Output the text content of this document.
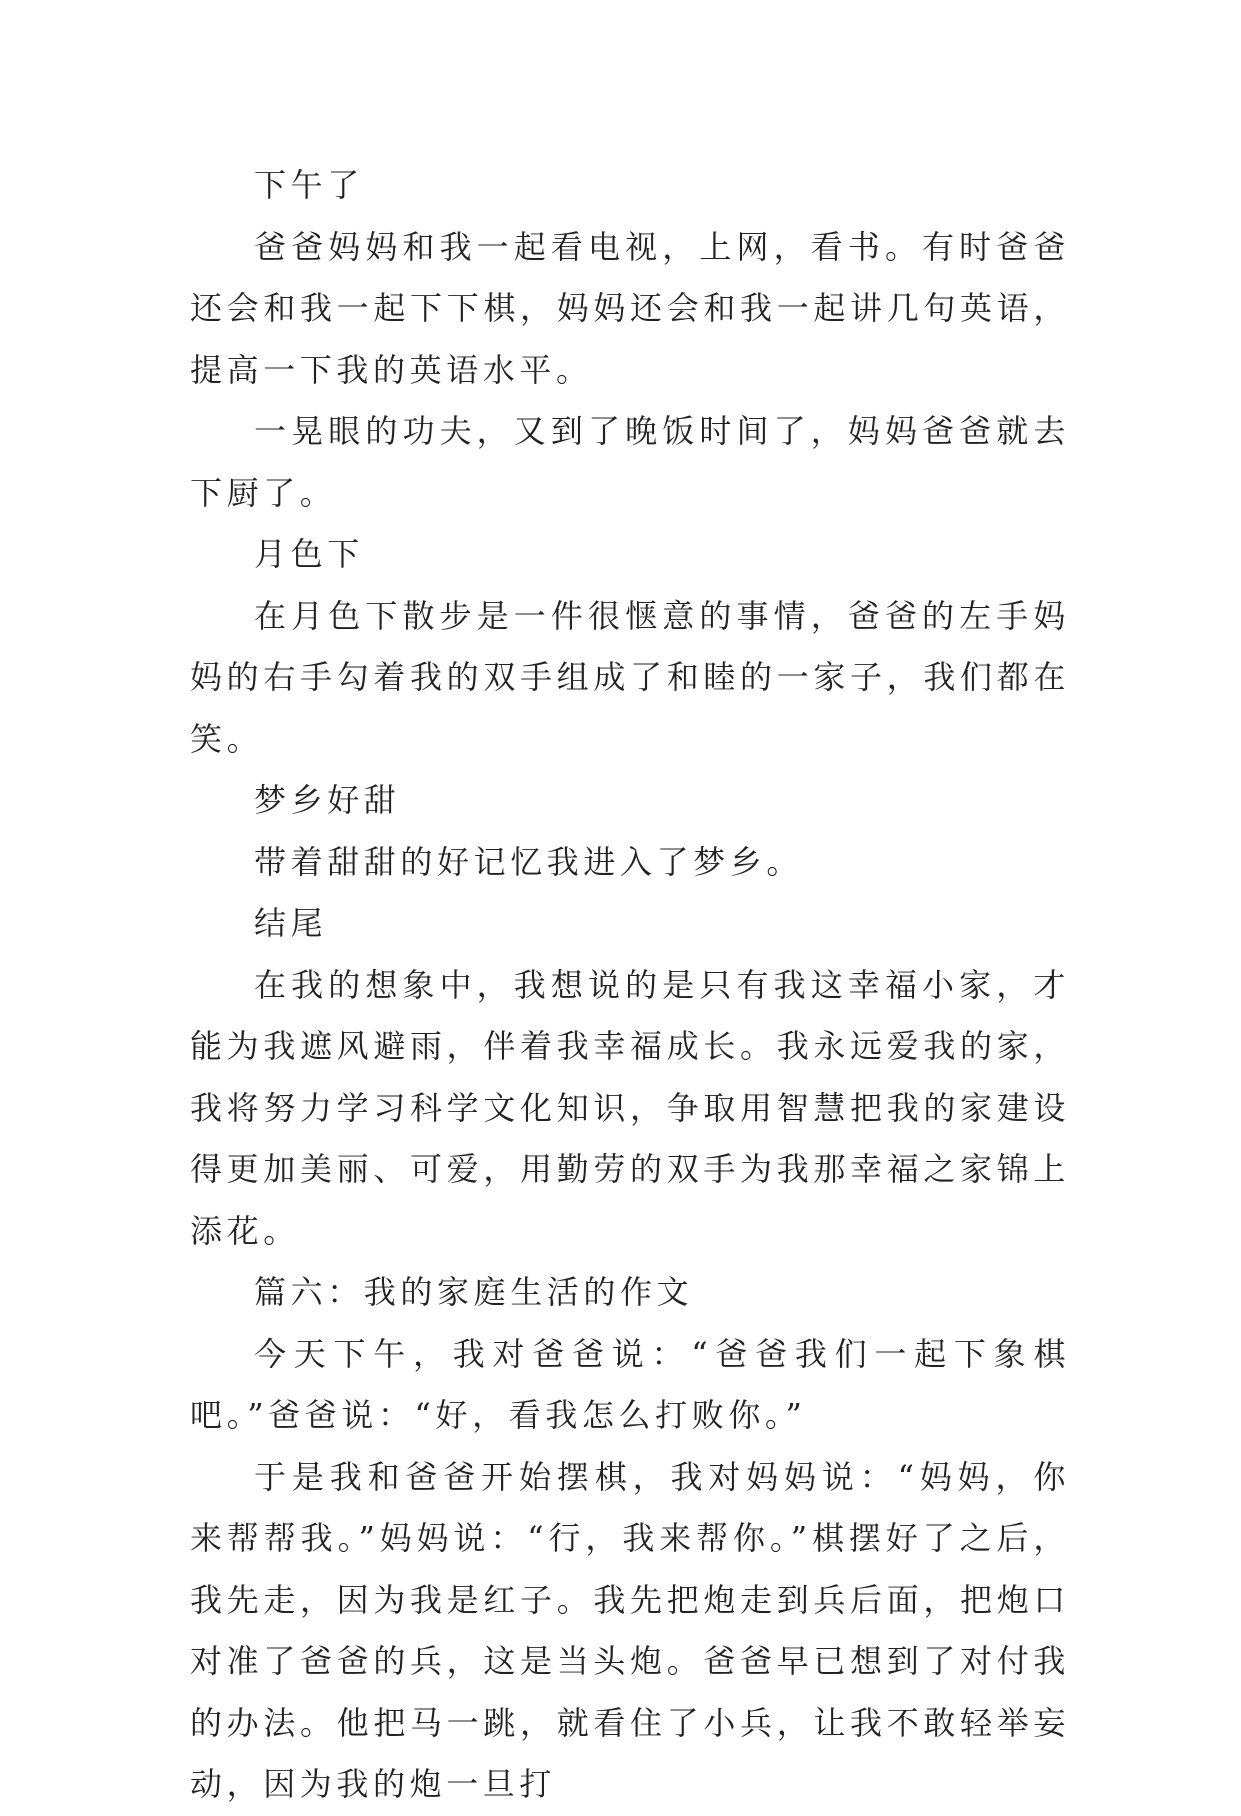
下午了

爸爸妈妈和我一起看电视，上网，看书。有时爸爸还会和我一起下下棋，妈妈还会和我一起讲几句英语，提高一下我的英语水平。

一晃眼的功夫，又到了晚饭时间了，妈妈爸爸就去下厨了。

月色下

在月色下散步是一件很惬意的事情，爸爸的左手妈妈的右手勾着我的双手组成了和睦的一家子，我们都在笑。

梦乡好甜

带着甜甜的好记忆我进入了梦乡。

结尾

在我的想象中，我想说的是只有我这幸福小家，才能为我遮风避雨，伴着我幸福成长。我永远爱我的家，我将努力学习科学文化知识，争取用智慧把我的家建设得更加美丽、可爱，用勤劳的双手为我那幸福之家锦上添花。

篇六：我的家庭生活的作文

今天下午，我对爸爸说：“爸爸我们一起下象棋吧。”爸爸说：“好，看我怎么打败你。”

于是我和爸爸开始摆棋，我对妈妈说：“妈妈，你来帮帮我。”妈妈说：“行，我来帮你。”棋摆好了之后，我先走，因为我是红子。我先把炮走到兵后面，把炮口对准了爸爸的兵，这是当头炮。爸爸早已想到了对付我的办法。他把马一跳，就看住了小兵，让我不敢轻举妄动，因为我的炮一旦打
